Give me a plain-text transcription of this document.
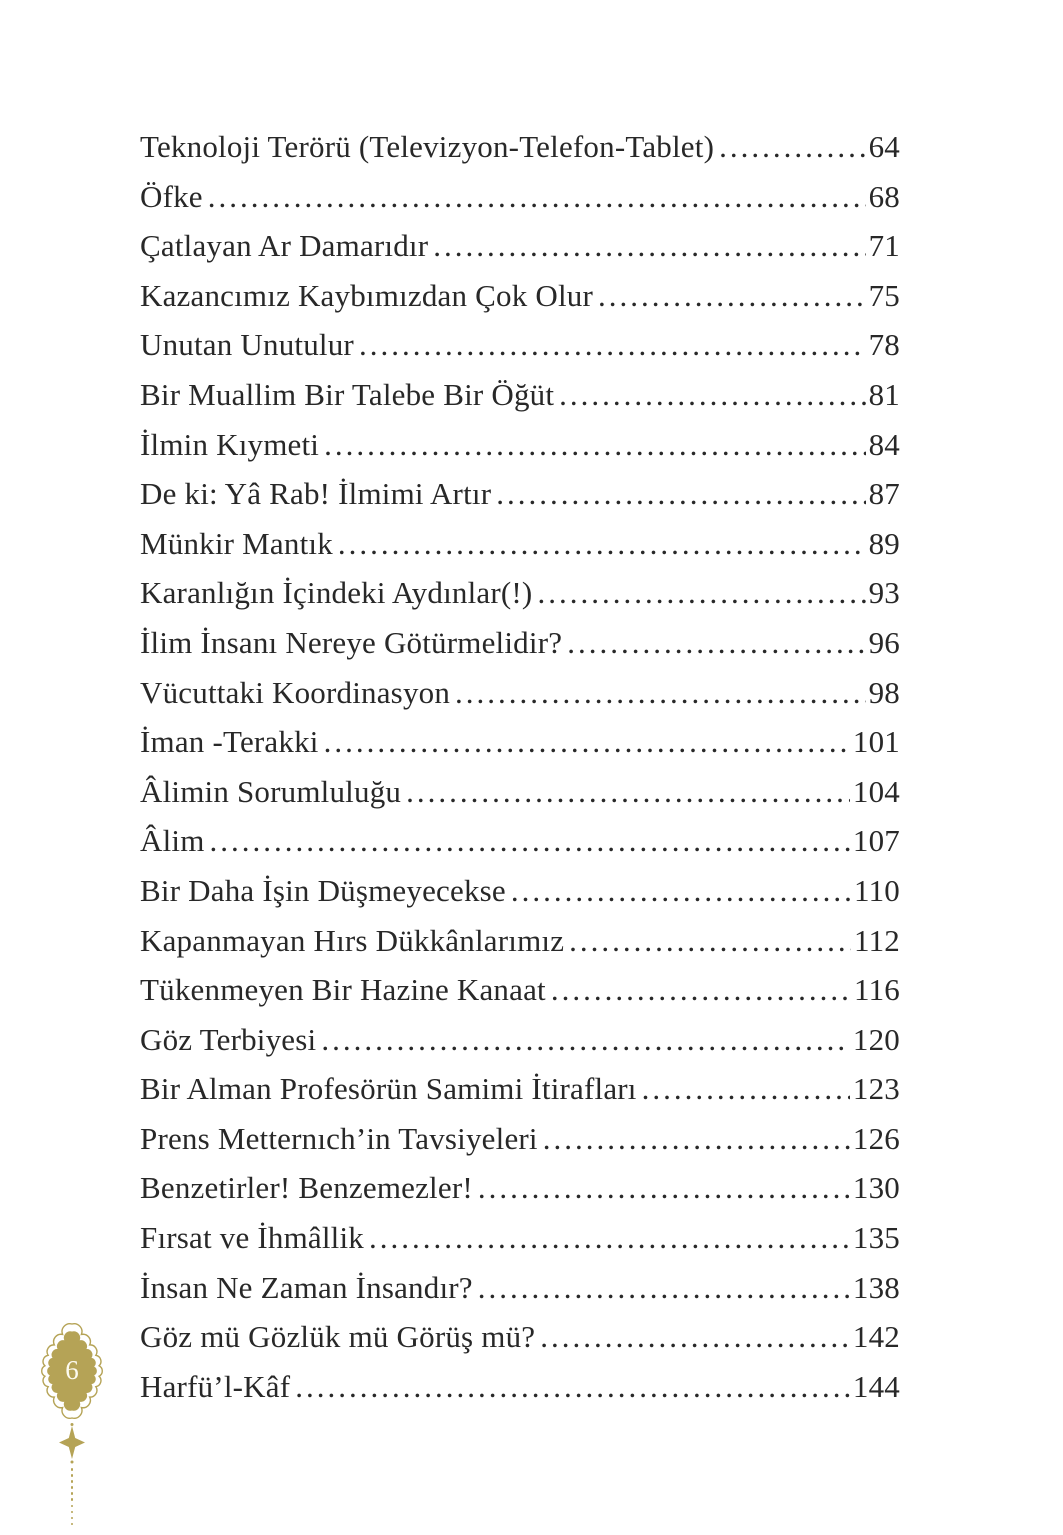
Teknoloji Terörü (Televizyon-Telefon-Tablet) .....	64
Öfke .....	68
Çatlayan Ar Damarıdır .....	71
Kazancımız Kaybımızdan Çok Olur .....	75
Unutan Unutulur .....	78
Bir Muallim Bir Talebe Bir Öğüt .....	81
İlmin Kıymeti .....	84
De ki: Yâ Rab! İlmimi Artır .....	87
Münkir Mantık .....	89
Karanlığın İçindeki Aydınlar(!) .....	93
İlim İnsanı Nereye Götürmelidir? .....	96
Vücuttaki Koordinasyon .....	98
İman -Terakki .....	101
Âlimin Sorumluluğu .....	104
Âlim .....	107
Bir Daha İşin Düşmeyecekse .....	110
Kapanmayan Hırs Dükkânlarımız .....	112
Tükenmeyen Bir Hazine Kanaat .....	116
Göz Terbiyesi .....	120
Bir Alman Profesörün Samimi İtirafları .....	123
Prens Metternıch’in Tavsiyeleri .....	126
Benzetirler! Benzemezler! .....	130
Fırsat ve İhmâllik .....	135
İnsan Ne Zaman İnsandır? .....	138
Göz mü Gözlük mü Görüş mü? .....	142
Harfü’l-Kâf .....	144
6
